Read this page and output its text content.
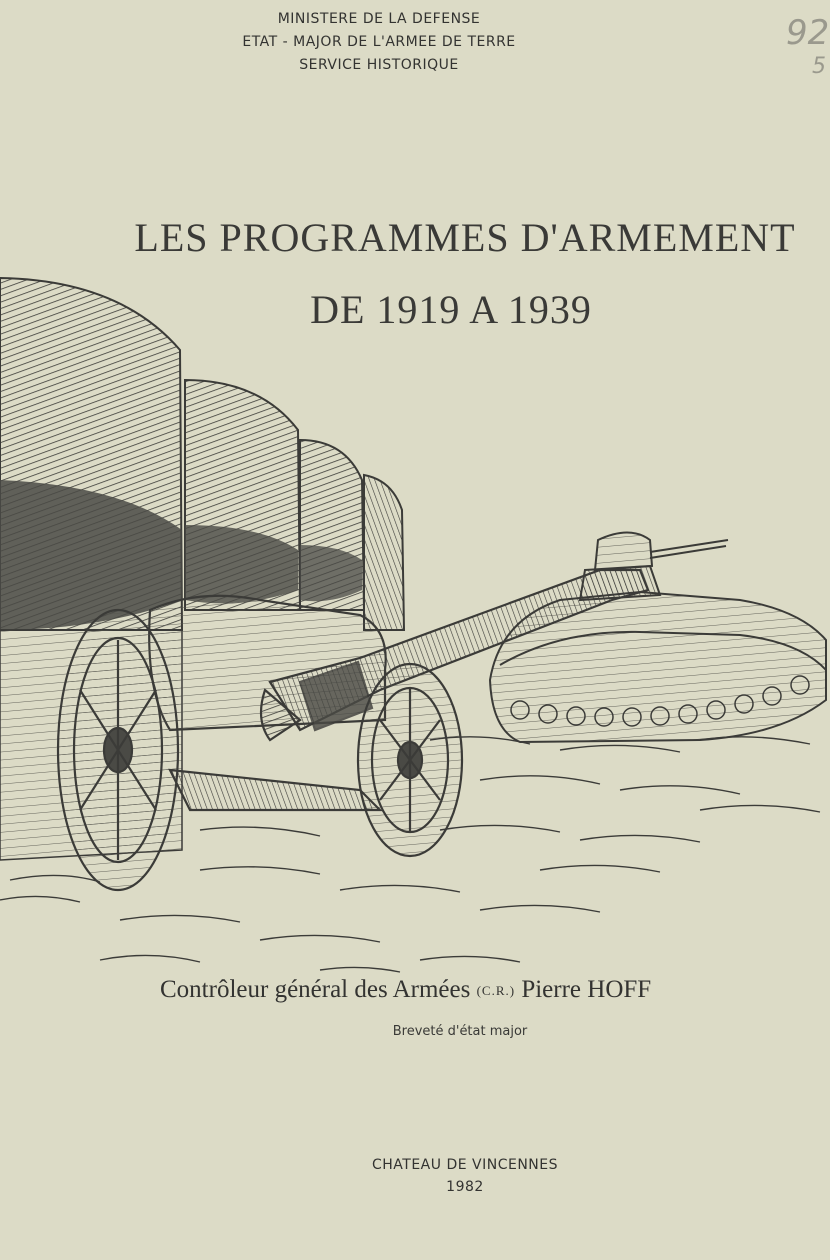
MINISTERE DE LA DEFENSE
ETAT - MAJOR DE L'ARMEE DE TERRE
SERVICE HISTORIQUE
92
5
LES PROGRAMMES D'ARMEMENT
DE 1919 A 1939
Contrôleur général des Armées (C.R.) Pierre HOFF
Breveté d'état major
CHATEAU DE VINCENNES
1982
